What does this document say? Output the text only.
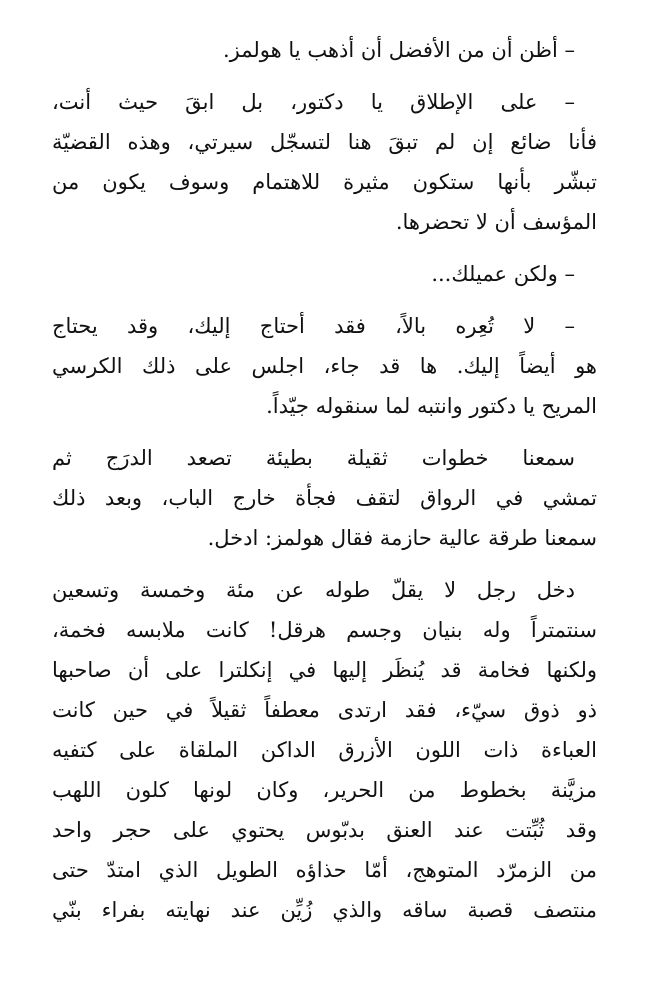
– أظن أن من الأفضل أن أذهب يا هولمز.
– على الإطلاق يا دكتور، بل ابقَ حيث أنت،
فأنا ضائع إن لم تبقَ هنا لتسجّل سيرتي، وهذه القضيّة
تبشّر بأنها ستكون مثيرة للاهتمام وسوف يكون من
المؤسف أن لا تحضرها.
– ولكن عميلك...
– لا تُعِره بالاً، فقد أحتاج إليك، وقد يحتاج
هو أيضاً إليك. ها قد جاء، اجلس على ذلك الكرسي
المريح يا دكتور وانتبه لما سنقوله جيّداً.
سمعنا خطوات ثقيلة بطيئة تصعد الدرَج ثم
تمشي في الرواق لتقف فجأة خارج الباب، وبعد ذلك
سمعنا طرقة عالية حازمة فقال هولمز: ادخل.
دخل رجل لا يقلّ طوله عن مئة وخمسة وتسعين
سنتمتراً وله بنيان وجسم هرقل! كانت ملابسه فخمة،
ولكنها فخامة قد يُنظَر إليها في إنكلترا على أن صاحبها
ذو ذوق سيّء، فقد ارتدى معطفاً ثقيلاً في حين كانت
العباءة ذات اللون الأزرق الداكن الملقاة على كتفيه
مزيَّنة بخطوط من الحرير، وكان لونها كلون اللهب
وقد ثُبِّتت عند العنق بدبّوس يحتوي على حجر واحد
من الزمرّد المتوهج، أمّا حذاؤه الطويل الذي امتدّ حتى
منتصف قصبة ساقه والذي زُيِّن عند نهايته بفراء بنّي
